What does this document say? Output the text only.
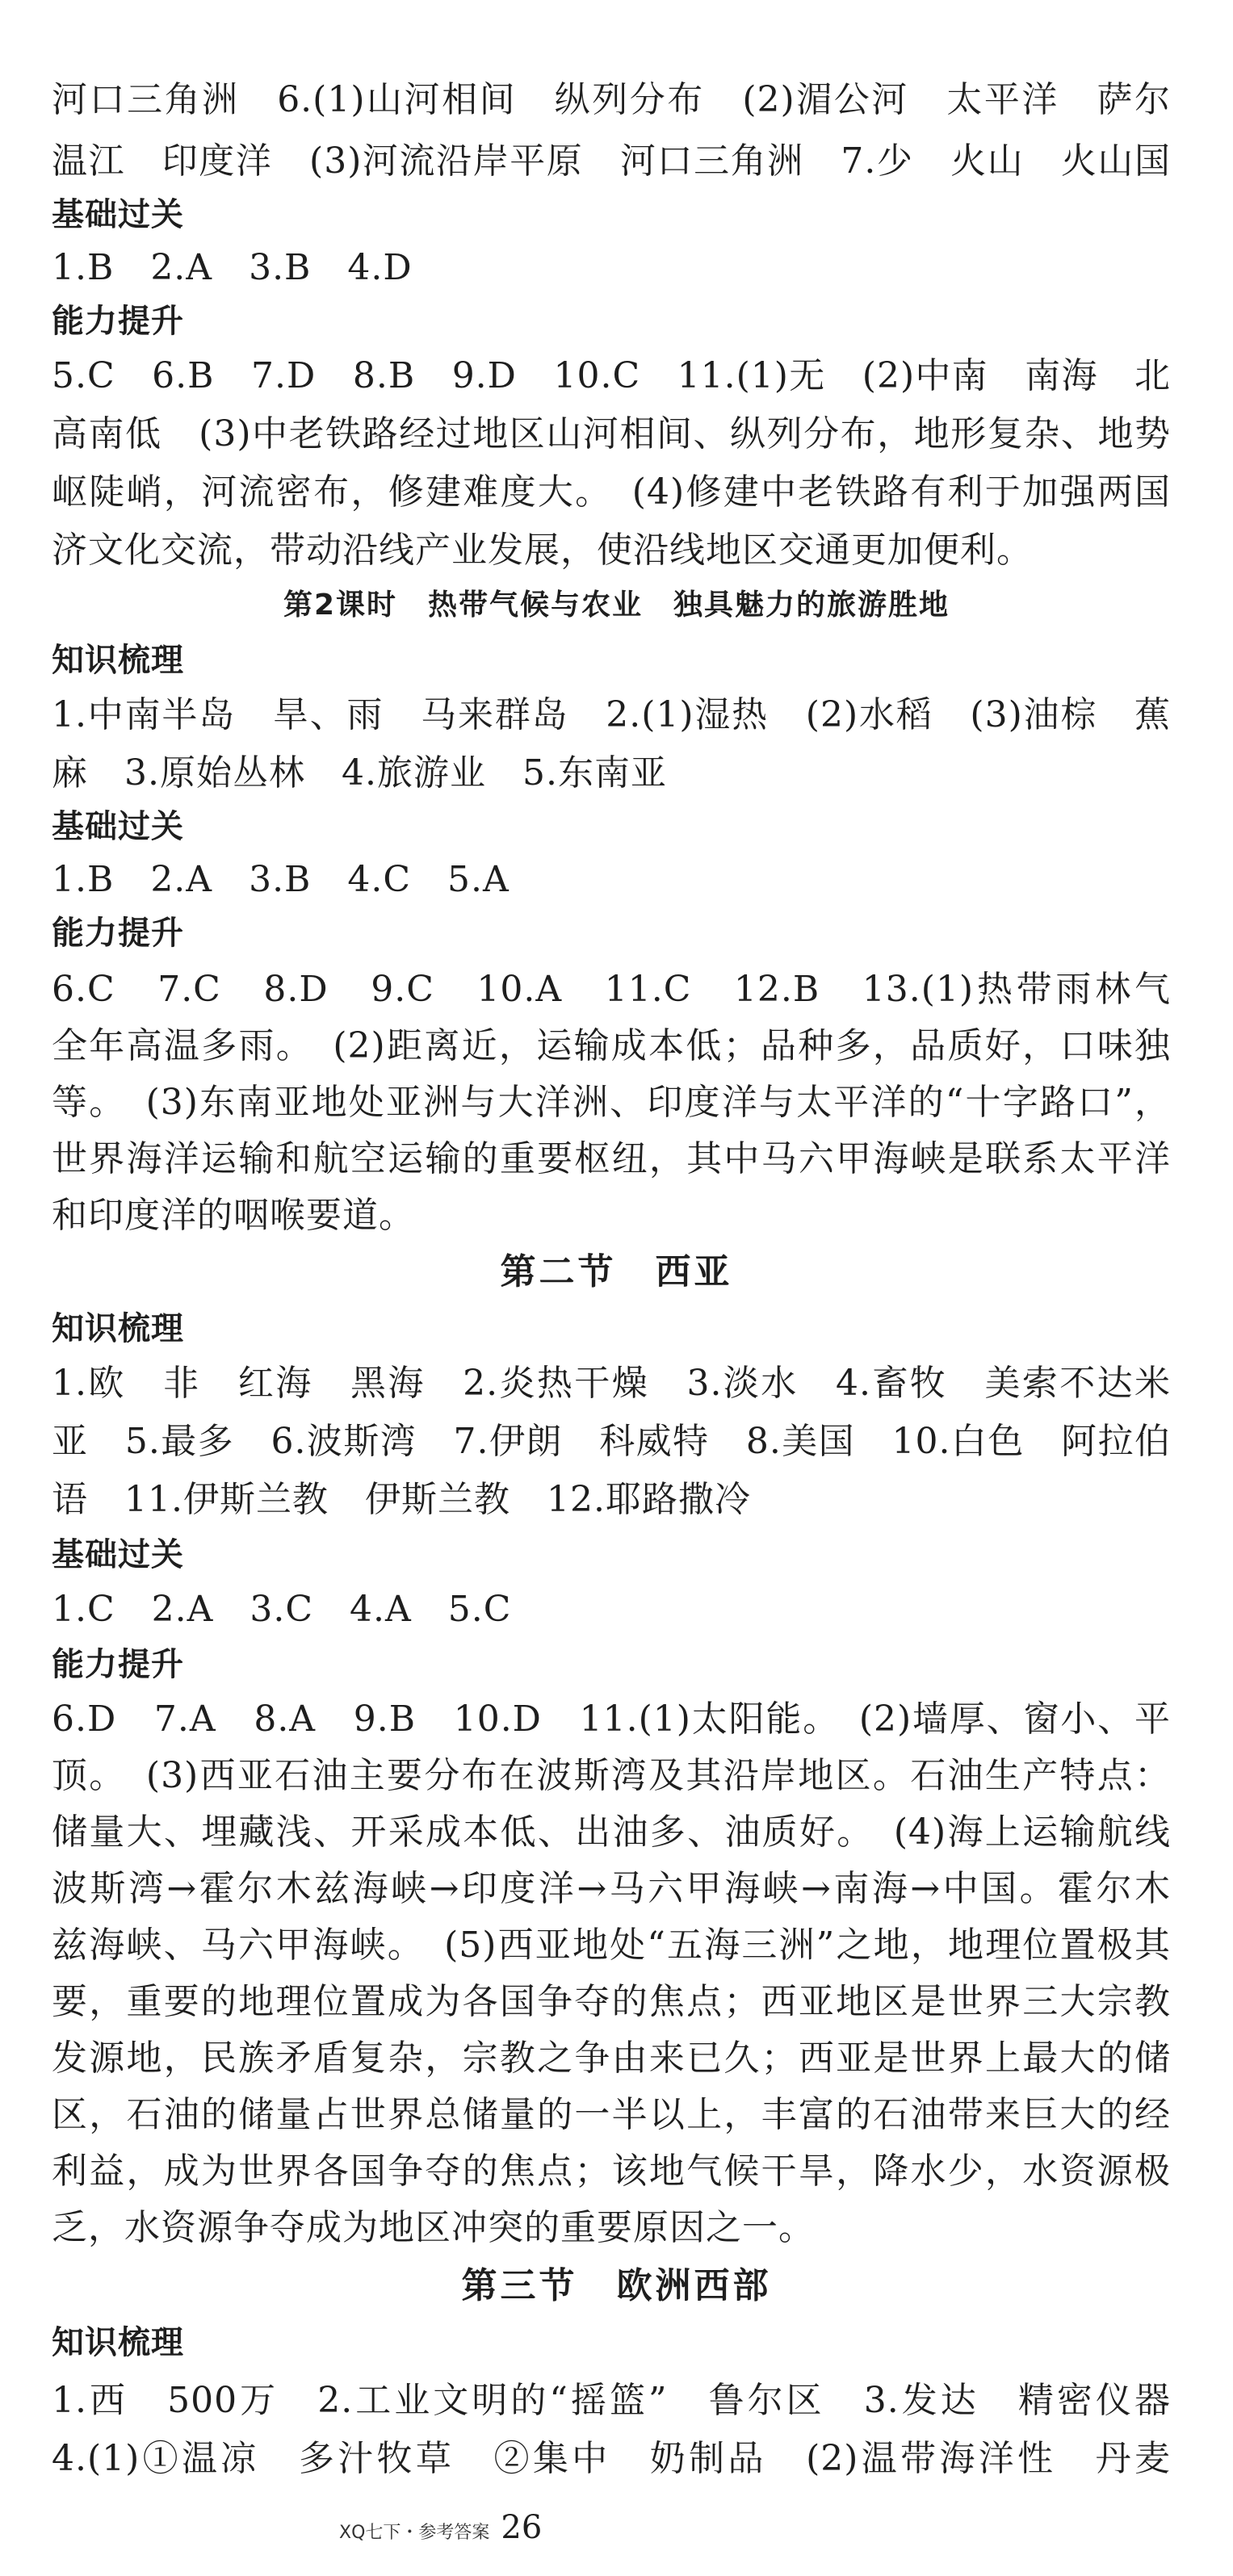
河口三角洲　6.(1)山河相间　纵列分布　(2)湄公河　太平洋　萨尔
温江　印度洋　(3)河流沿岸平原　河口三角洲　7.少　火山　火山国
基础过关
1.B　2.A　3.B　4.D
能力提升
5.C　6.B　7.D　8.B　9.D　10.C　11.(1)无　(2)中南　南海　北
高南低　(3)中老铁路经过地区山河相间、纵列分布，地形复杂、地势
岖陡峭，河流密布，修建难度大。　(4)修建中老铁路有利于加强两国
济文化交流，带动沿线产业发展，使沿线地区交通更加便利。
第2课时　热带气候与农业　独具魅力的旅游胜地
知识梳理
1.中南半岛　旱、雨　马来群岛　2.(1)湿热　(2)水稻　(3)油棕　蕉
麻　3.原始丛林　4.旅游业　5.东南亚
基础过关
1.B　2.A　3.B　4.C　5.A
能力提升
6.C　7.C　8.D　9.C　10.A　11.C　12.B　13.(1)热带雨林气
全年高温多雨。　(2)距离近，运输成本低；品种多，品质好，口味独
等。　(3)东南亚地处亚洲与大洋洲、印度洋与太平洋的“十字路口”，
世界海洋运输和航空运输的重要枢纽，其中马六甲海峡是联系太平洋
和印度洋的咽喉要道。
第二节　西亚
知识梳理
1.欧　非　红海　黑海　2.炎热干燥　3.淡水　4.畜牧　美索不达米
亚　5.最多　6.波斯湾　7.伊朗　科威特　8.美国　10.白色　阿拉伯
语　11.伊斯兰教　伊斯兰教　12.耶路撒冷
基础过关
1.C　2.A　3.C　4.A　5.C
能力提升
6.D　7.A　8.A　9.B　10.D　11.(1)太阳能。　(2)墙厚、窗小、平
顶。　(3)西亚石油主要分布在波斯湾及其沿岸地区。石油生产特点：
储量大、埋藏浅、开采成本低、出油多、油质好。　(4)海上运输航线
波斯湾→霍尔木兹海峡→印度洋→马六甲海峡→南海→中国。霍尔木
兹海峡、马六甲海峡。　(5)西亚地处“五海三洲”之地，地理位置极其
要，重要的地理位置成为各国争夺的焦点；西亚地区是世界三大宗教
发源地，民族矛盾复杂，宗教之争由来已久；西亚是世界上最大的储
区，石油的储量占世界总储量的一半以上，丰富的石油带来巨大的经
利益，成为世界各国争夺的焦点；该地气候干旱，降水少，水资源极
乏，水资源争夺成为地区冲突的重要原因之一。
第三节　欧洲西部
知识梳理
1.西　500万　2.工业文明的“摇篮”　鲁尔区　3.发达　精密仪器
4.(1)①温凉　多汁牧草　②集中　奶制品　(2)温带海洋性　丹麦
XQ七下・参考答案 26
